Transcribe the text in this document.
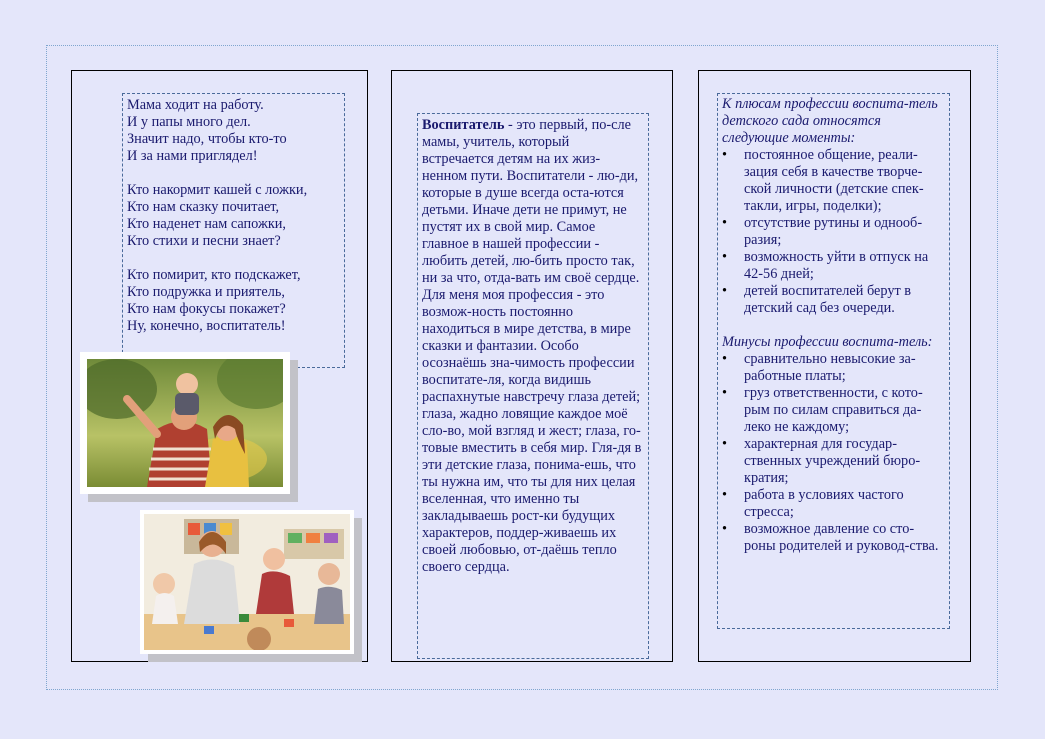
Мама ходит на работу.
И у папы много дел.
Значит надо, чтобы кто-то
И за нами приглядел!

Кто накормит кашей с ложки,
Кто нам сказку почитает,
Кто наденет нам сапожки,
Кто стихи и песни знает?

Кто помирит, кто подскажет,
Кто подружка и приятель,
Кто нам фокусы покажет?
Ну, конечно, воспитатель!

Воспитатель - это первый, по-сле мамы, учитель, который встречается детям на их жиз-ненном пути. Воспитатели - лю-ди, которые в душе всегда оста-ются детьми. Иначе дети не примут, не пустят их в свой мир. Самое главное в нашей профессии - любить детей, лю-бить просто так, ни за что, отда-вать им своё сердце. Для меня моя профессия - это возмож-ность постоянно находиться в мире детства, в мире сказки и фантазии. Особо осознаёшь зна-чимость профессии воспитате-ля, когда видишь распахнутые навстречу глаза детей; глаза, жадно ловящие каждое моё сло-во, мой взгляд и жест; глаза, го-товые вместить в себя мир. Гля-дя в эти детские глаза, понима-ешь, что ты нужна им, что ты для них целая вселенная, что именно ты закладываешь рост-ки будущих характеров, поддер-живаешь их своей любовью, от-даёшь тепло своего сердца.

К плюсам профессии воспита-тель детского сада относятся следующие моменты:

• постоянное общение, реали-зация себя в качестве творче-ской личности (детские спек-такли, игры, поделки);
• отсутствие рутины и однооб-разия;
• возможность уйти в отпуск на 42-56 дней;
• детей воспитателей берут в детский сад без очереди.

Минусы профессии воспита-тель:

• сравнительно невысокие за-работные платы;
• груз ответственности, с кото-рым по силам справиться да-леко не каждому;
• характерная для государ-ственных учреждений бюро-кратия;
• работа в условиях частого стресса;
• возможное давление со сто-роны родителей и руковод-ства.
